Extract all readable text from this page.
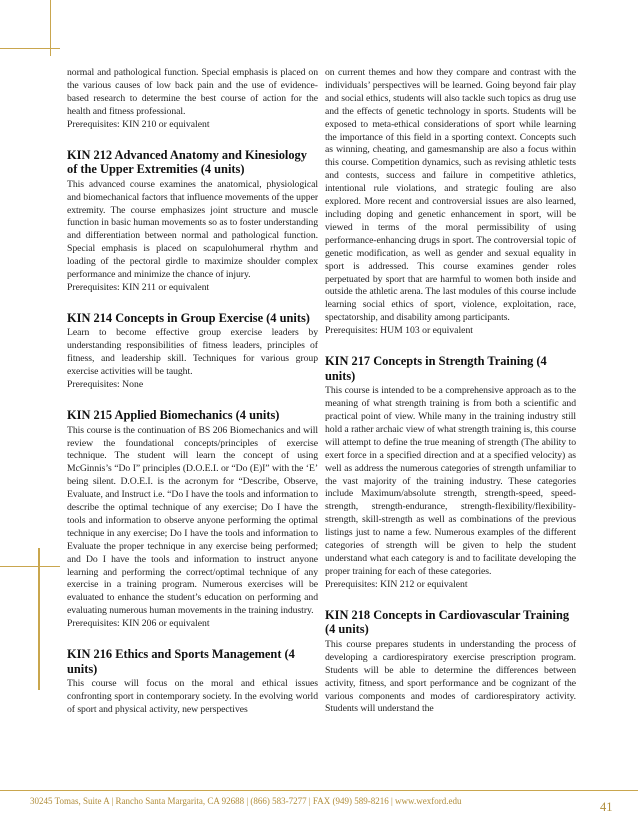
normal and pathological function. Special emphasis is placed on the various causes of low back pain and the use of evidence-based research to determine the best course of action for the health and fitness professional.

Prerequisites: KIN 210 or equivalent

KIN 212 Advanced Anatomy and Kinesiology of the Upper Extremities (4 units)

This advanced course examines the anatomical, physiological and biomechanical factors that influence movements of the upper extremity. The course emphasizes joint structure and muscle function in basic human movements so as to foster understanding and differentiation between normal and pathological function. Special emphasis is placed on scapulohumeral rhythm and loading of the pectoral girdle to maximize shoulder complex performance and minimize the chance of injury.

Prerequisites: KIN 211 or equivalent

KIN 214 Concepts in Group Exercise (4 units)

Learn to become effective group exercise leaders by understanding responsibilities of fitness leaders, principles of fitness, and leadership skill. Techniques for various group exercise activities will be taught.

Prerequisites: None

KIN 215 Applied Biomechanics (4 units)

This course is the continuation of BS 206 Biomechanics and will review the foundational concepts/principles of exercise technique. The student will learn the concept of using McGinnis’s “Do I” principles (D.O.E.I. or “Do (E)I” with the ‘E’ being silent. D.O.E.I. is the acronym for “Describe, Observe, Evaluate, and Instruct i.e. “Do I have the tools and information to describe the optimal technique of any exercise; Do I have the tools and information to observe anyone performing the optimal technique in any exercise; Do I have the tools and information to Evaluate the proper technique in any exercise being performed; and Do I have the tools and information to instruct anyone learning and performing the correct/optimal technique of any exercise in a training program. Numerous exercises will be evaluated to enhance the student’s education on performing and evaluating numerous human movements in the training industry.

Prerequisites: KIN 206 or equivalent

KIN 216 Ethics and Sports Management (4 units)

This course will focus on the moral and ethical issues confronting sport in contemporary society. In the evolving world of sport and physical activity, new perspectives

on current themes and how they compare and contrast with the individuals’ perspectives will be learned. Going beyond fair play and social ethics, students will also tackle such topics as drug use and the effects of genetic technology in sports. Students will be exposed to meta-ethical considerations of sport while learning the importance of this field in a sporting context. Concepts such as winning, cheating, and gamesmanship are also a focus within this course. Competition dynamics, such as revising athletic tests and contests, success and failure in competitive athletics, intentional rule violations, and strategic fouling are also explored. More recent and controversial issues are also learned, including doping and genetic enhancement in sport, will be viewed in terms of the moral permissibility of using performance-enhancing drugs in sport. The controversial topic of genetic modification, as well as gender and sexual equality in sport is addressed. This course examines gender roles perpetuated by sport that are harmful to women both inside and outside the athletic arena. The last modules of this course include learning social ethics of sport, violence, exploitation, race, spectatorship, and disability among participants.

Prerequisites: HUM 103 or equivalent

KIN 217 Concepts in Strength Training (4 units)

This course is intended to be a comprehensive approach as to the meaning of what strength training is from both a scientific and practical point of view. While many in the training industry still hold a rather archaic view of what strength training is, this course will attempt to define the true meaning of strength (The ability to exert force in a specified direction and at a specified velocity) as well as address the numerous categories of strength unfamiliar to the vast majority of the training industry. These categories include Maximum/absolute strength, strength-speed, speed-strength, strength-endurance, strength-flexibility/flexibility-strength, skill-strength as well as combinations of the previous listings just to name a few. Numerous examples of the different categories of strength will be given to help the student understand what each category is and to facilitate developing the proper training for each of these categories.

Prerequisites: KIN 212 or equivalent

KIN 218 Concepts in Cardiovascular Training (4 units)

This course prepares students in understanding the process of developing a cardiorespiratory exercise prescription program. Students will be able to determine the differences between activity, fitness, and sport performance and be cognizant of the various components and modes of cardiorespiratory activity. Students will understand the

30245 Tomas, Suite A | Rancho Santa Margarita, CA 92688 | (866) 583-7277 | FAX (949) 589-8216 | www.wexford.edu	41
